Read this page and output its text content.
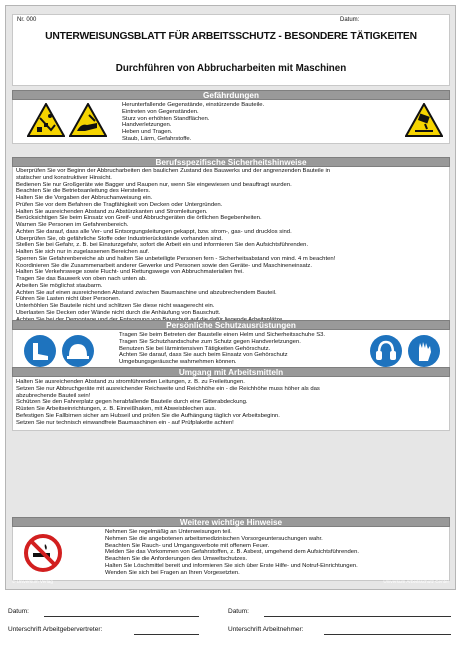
Nr. 000	Datum:
UNTERWEISUNGSBLATT FÜR ARBEITSSCHUTZ - BESONDERE TÄTIGKEITEN
Durchführen von Abbrucharbeiten mit Maschinen
Gefährdungen
Herunterfallende Gegenstände, einstürzende Bauteile.
Eintreten von Gegenständen.
Sturz von erhöhten Standflächen.
Handverletzungen.
Heben und Tragen.
Staub, Lärm, Gefahrstoffe.
Berufsspezifische Sicherheitshinweise
Überprüfen Sie vor Beginn der Abbrucharbeiten den baulichen Zustand des Bauwerks und der angrenzenden Bauteile in
statischer und konstruktiver Hinsicht.
Bedienen Sie nur Großgeräte wie Bagger und Raupen nur, wenn Sie eingewiesen und beauftragt wurden.
Beachten Sie die Betriebsanleitung des Herstellers.
Halten Sie die Vorgaben der Abbruchanweisung ein.
Prüfen Sie vor dem Befahren die Tragfähigkeit von Decken oder Untergründen.
Halten Sie ausreichenden Abstand zu Abstürzkanten und Stromleitungen.
Berücksichtigen Sie beim Einsatz von Greif- und Abbruchgeräten die örtlichen Begebenheiten.
Warnen Sie Personen im Gefahrenbereich.
Achten Sie darauf, dass alle Ver- und Entsorgungsleitungen gekappt, bzw. strom-, gas- und drucklos sind.
Überprüfen Sie, ob gefährliche Stoffe oder Industrierückstände vorhanden sind.
Stellen Sie bei Gefahr, z. B. bei Einsturzgefahr, sofort die Arbeit ein und informieren Sie den Aufsichtsführenden.
Halten Sie sich nur in zugelassenen Bereichen auf.
Sperren Sie Gefahrenbereiche ab und halten Sie unbeteiligte Personen fern - Sicherheitsabstand von mind. 4 m beachten!
Koordinieren Sie die Zusammenarbeit anderer Gewerke und Personen sowie den Geräte- und Maschineneinsatz.
Halten Sie Verkehrswege sowie Flucht- und Rettungswege von Abbruchmaterialien frei.
Tragen Sie das Bauwerk von oben nach unten ab.
Arbeiten Sie möglichst staubarm.
Achten Sie auf einen ausreichenden Abstand zwischen Baumaschine und abzubrechendem Bauteil.
Führen Sie Lasten nicht über Personen.
Unterhöhlen Sie Bauteile nicht und schlitzen Sie diese nicht waagerecht ein.
Überlasten Sie Decken oder Wände nicht durch die Anhäufung von Bauschutt.
Persönliche Schutzausrüstungen
Tragen Sie beim Betreten der Baustelle einen Helm und Sicherheitsschuhe S3.
Tragen Sie Schutzhandschuhe zum Schutz gegen Handverletzungen.
Benutzen Sie bei lärmintensiven Tätigkeiten Gehörschutz.
Achten Sie darauf, dass Sie auch beim Einsatz von Gehörschutz
Umgebungsgeräusche wahrnehmen können.
Umgang mit Arbeitsmitteln
Halten Sie ausreichenden Abstand zu stromführenden Leitungen, z. B. zu Freileitungen.
Setzen Sie nur Abbruchgeräte mit ausreichender Reichweite und Reichhöhe ein - die Reichhöhe muss höher als das
abzubrechende Bauteil sein!
Schützen Sie den Fahrerplatz gegen herabfallende Bauteile durch eine Gitterabdeckung.
Rüsten Sie Arbeitseinrichtungen, z. B. Einreißhaken, mit Abweisblechen aus.
Befestigen Sie Fallbirnen sicher am Hubseil und prüfen Sie die Aufhängung täglich vor Arbeitsbeginn.
Setzen Sie nur technisch einwandfreie Baumaschinen ein - auf Prüfplakette achten!
Weitere wichtige Hinweise
Nehmen Sie regelmäßig an Unterweisungen teil.
Nehmen Sie die angebotenen arbeitsmedizinischen Vorsorgeuntersuchungen wahr.
Beachten Sie Rauch- und Umgangsverbote mit offenem Feuer.
Melden Sie das Vorkommen von Gefahrstoffen, z. B. Asbest, umgehend dem Aufsichtsführenden.
Beachten Sie die Anforderungen des Umweltschutzes.
Halten Sie Löschmittel bereit und informieren Sie sich über Erste Hilfe- und Notruf-Einrichtungen.
Wenden Sie sich bei Fragen an Ihren Vorgesetzten.
© Universum Verlag	Universum Arbeitsschutz Center
Datum:	Datum:
Unterschrift Arbeitgebervertreter:	Unterschrift Arbeitnehmer:
